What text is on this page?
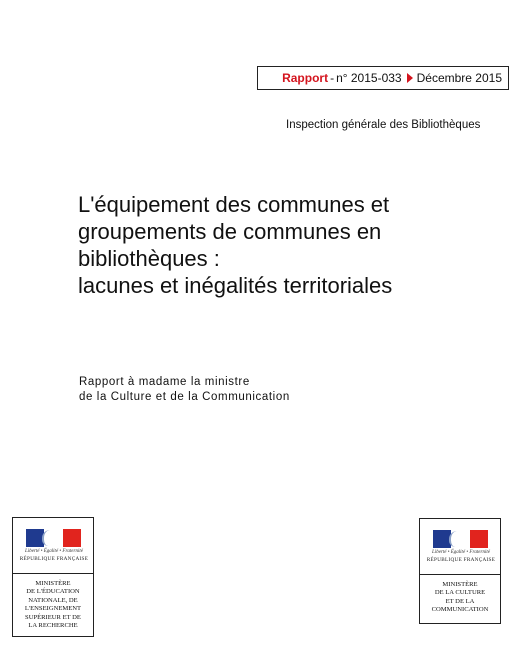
Rapport - n° 2015-033 Décembre 2015
Inspection générale des Bibliothèques
L'équipement des communes et
groupements de communes en
bibliothèques :
lacunes et inégalités territoriales
Rapport à madame la ministre
de la Culture et de la Communication
Liberté • Égalité • Fraternité
RÉPUBLIQUE FRANÇAISE
MINISTÈRE
DE L'ÉDUCATION
NATIONALE, DE
L'ENSEIGNEMENT
SUPÉRIEUR ET DE
LA RECHERCHE
Liberté • Égalité • Fraternité
RÉPUBLIQUE FRANÇAISE
MINISTÈRE
DE LA CULTURE
ET DE LA
COMMUNICATION
